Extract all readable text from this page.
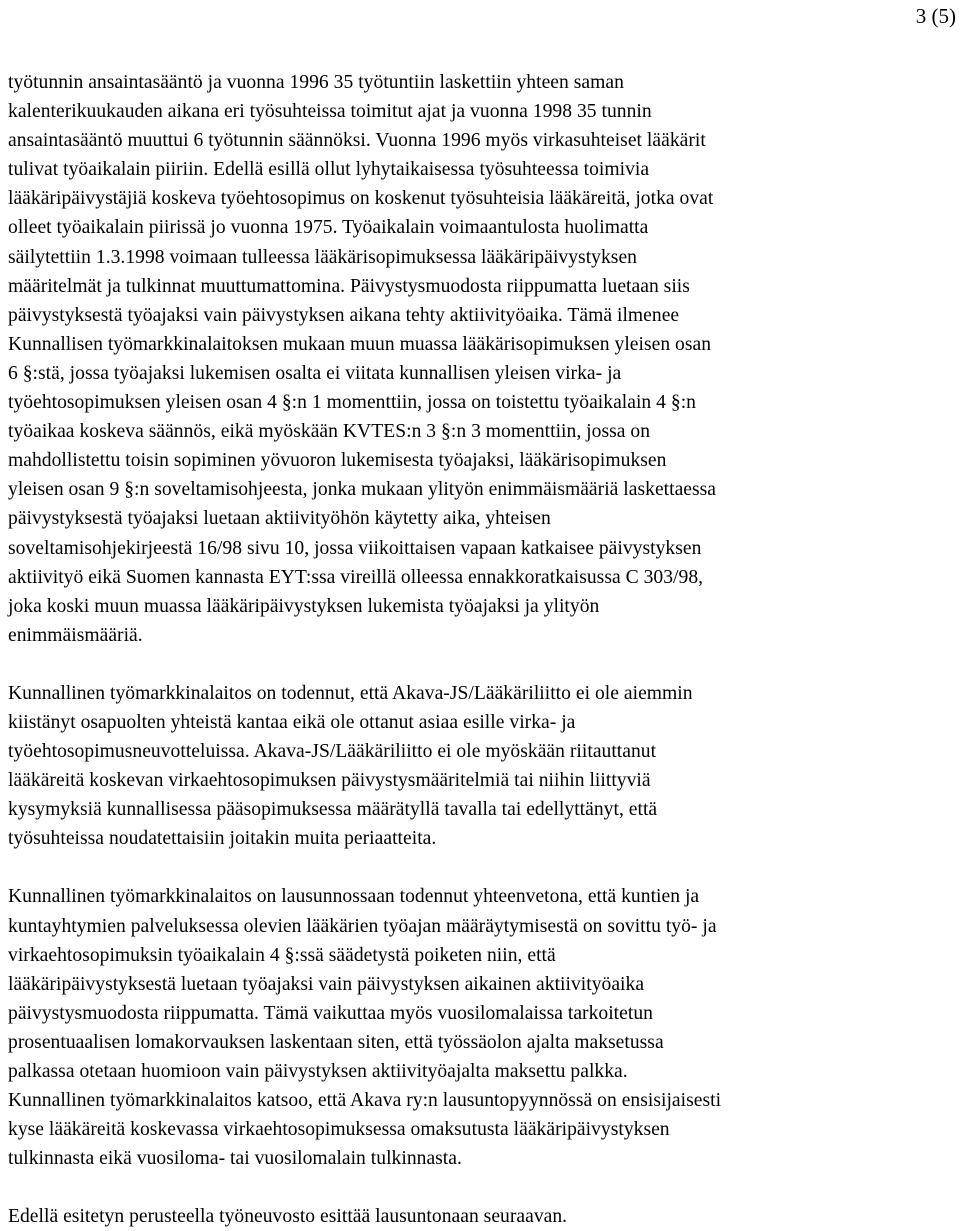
3 (5)

työtunnin ansaintasääntö ja vuonna 1996 35 työtuntiin laskettiin yhteen saman
kalenterikuukauden aikana eri työsuhteissa toimitut ajat ja vuonna 1998 35 tunnin
ansaintasääntö muuttui 6 työtunnin säännöksi. Vuonna 1996 myös virkasuhteiset lääkärit
tulivat työaikalain piiriin. Edellä esillä ollut lyhytaikaisessa työsuhteessa toimivia
lääkäripäivystäjiä koskeva työehtosopimus on koskenut työsuhteisia lääkäreitä, jotka ovat
olleet työaikalain piirissä jo vuonna 1975. Työaikalain voimaantulosta huolimatta
säilytettiin 1.3.1998 voimaan tulleessa lääkärisopimuksessa lääkäripäivystyksen
määritelmät ja tulkinnat muuttumattomina. Päivystysmuodosta riippumatta luetaan siis
päivystyksestä työajaksi vain päivystyksen aikana tehty aktiivityöaika. Tämä ilmenee
Kunnallisen työmarkkinalaitoksen mukaan muun muassa lääkärisopimuksen yleisen osan
6 §:stä, jossa työajaksi lukemisen osalta ei viitata kunnallisen yleisen virka- ja
työehtosopimuksen yleisen osan 4 §:n 1 momenttiin, jossa on toistettu työaikalain 4 §:n
työaikaa koskeva säännös, eikä myöskään KVTES:n 3 §:n 3 momenttiin, jossa on
mahdollistettu toisin sopiminen yövuoron lukemisesta työajaksi, lääkärisopimuksen
yleisen osan 9 §:n soveltamisohjeesta, jonka mukaan ylityön enimmäismääriä laskettaessa
päivystyksestä työajaksi luetaan aktiivityöhön käytetty aika, yhteisen
soveltamisohjekirjeestä 16/98 sivu 10, jossa viikoittaisen vapaan katkaisee päivystyksen
aktiivityö eikä Suomen kannasta EYT:ssa vireillä olleessa ennakkoratkaisussa C 303/98,
joka koski muun muassa lääkäripäivystyksen lukemista työajaksi ja ylityön
enimmäismääriä.

Kunnallinen työmarkkinalaitos on todennut, että Akava-JS/Lääkäriliitto ei ole aiemmin
kiistänyt osapuolten yhteistä kantaa eikä ole ottanut asiaa esille virka- ja
työehtosopimusneuvotteluissa. Akava-JS/Lääkäriliitto ei ole myöskään riitauttanut
lääkäreitä koskevan virkaehtosopimuksen päivystysmääritelmiä tai niihin liittyviä
kysymyksiä kunnallisessa pääsopimuksessa määrätyllä tavalla tai edellyttänyt, että
työsuhteissa noudatettaisiin joitakin muita periaatteita.

Kunnallinen työmarkkinalaitos on lausunnossaan todennut yhteenvetona, että kuntien ja
kuntayhtymien palveluksessa olevien lääkärien työajan määräytymisestä on sovittu työ- ja
virkaehtosopimuksin työaikalain 4 §:ssä säädetystä poiketen niin, että
lääkäripäivystyksestä luetaan työajaksi vain päivystyksen aikainen aktiivityöaika
päivystysmuodosta riippumatta. Tämä vaikuttaa myös vuosilomalaissa tarkoitetun
prosentuaalisen lomakorvauksen laskentaan siten, että työssäolon ajalta maksetussa
palkassa otetaan huomioon vain päivystyksen aktiivityöajalta maksettu palkka.
Kunnallinen työmarkkinalaitos katsoo, että Akava ry:n lausuntopyynnössä on ensisijaisesti
kyse lääkäreitä koskevassa virkaehtosopimuksessa omaksutusta lääkäripäivystyksen
tulkinnasta eikä vuosiloma- tai vuosilomalain tulkinnasta.

Edellä esitetyn perusteella työneuvosto esittää lausuntonaan seuraavan.
